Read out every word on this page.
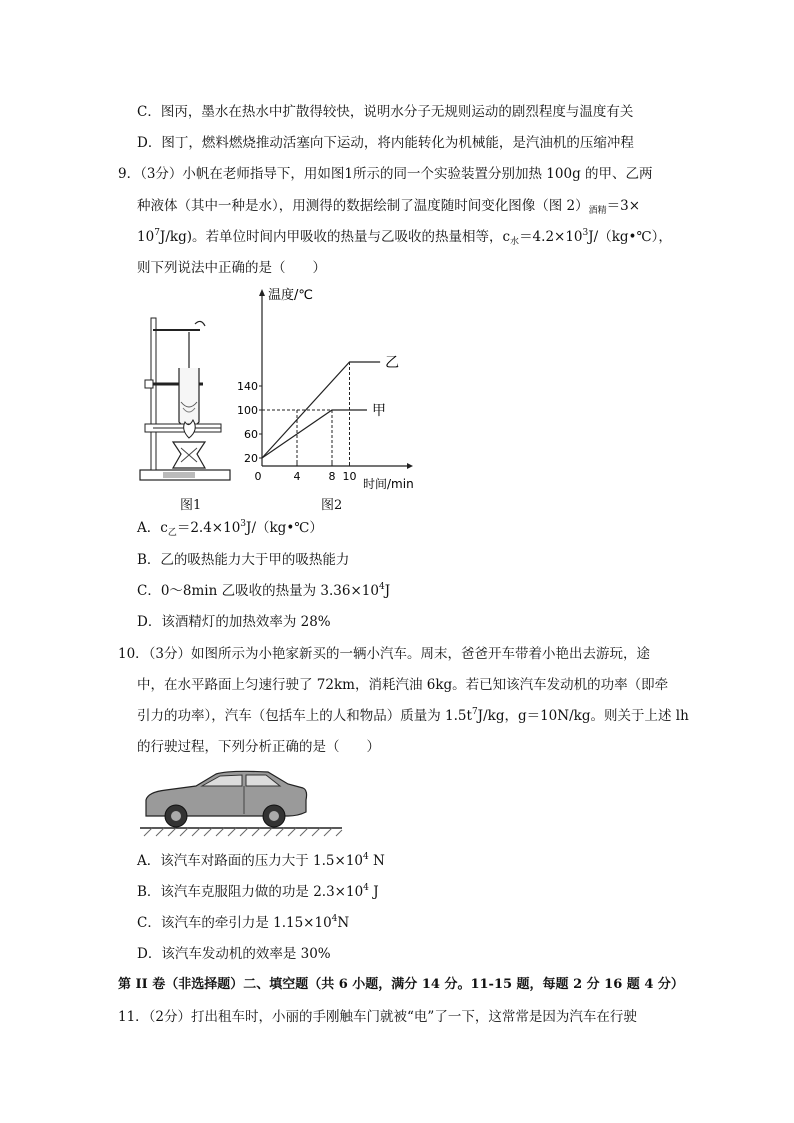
C．图丙，墨水在热水中扩散得较快，说明水分子无规则运动的剧烈程度与温度有关
D．图丁，燃料燃烧推动活塞向下运动，将内能转化为机械能，是汽油机的压缩冲程
9．（3分）小帆在老师指导下，用如图1所示的同一个实验装置分别加热 100g 的甲、乙两
种液体（其中一种是水），用测得的数据绘制了温度随时间变化图像（图 $2)_{酒精}=3\times$
$10^7J/kg$)。若单位时间内甲吸收的热量与乙吸收的热量相等，$c_水=4.2\times 10^3J/(kg•℃)$，
则下列说法中正确的是（　　）
图1
温度/℃
时间/min
20
60
100
140
0	4	8 10
乙
甲
图2
A．$c_乙=2.4\times 10^3J/(kg•℃)$
B．乙的吸热能力大于甲的吸热能力
C．0～8min 乙吸收的热量为 $3.36\times 10^4J$
D．该酒精灯的加热效率为 28%
10．（3分）如图所示为小艳家新买的一辆小汽车。周末，爸爸开车带着小艳出去游玩，途
中，在水平路面上匀速行驶了 72km，消耗汽油 6kg。若已知该汽车发动机的功率（即牵
引力的功率），汽车（包括车上的人和物品）质量为 $1.5t^7J/kg$，g＝10N/kg。则关于上述 lh
的行驶过程，下列分析正确的是（　　）
A．该汽车对路面的压力大于 $1.5\times 10^4$ N
B．该汽车克服阻力做的功是 $2.3\times 10^4$ J
C．该汽车的牵引力是 $1.15\times 10^4N$
D．该汽车发动机的效率是 30%
第 II 卷（非选择题）二、填空题（共 6 小题，满分 14 分。11-15 题，每题 2 分 16 题 4 分）
11．（2分）打出租车时，小丽的手刚触车门就被“电”了一下，这常常是因为汽车在行驶
